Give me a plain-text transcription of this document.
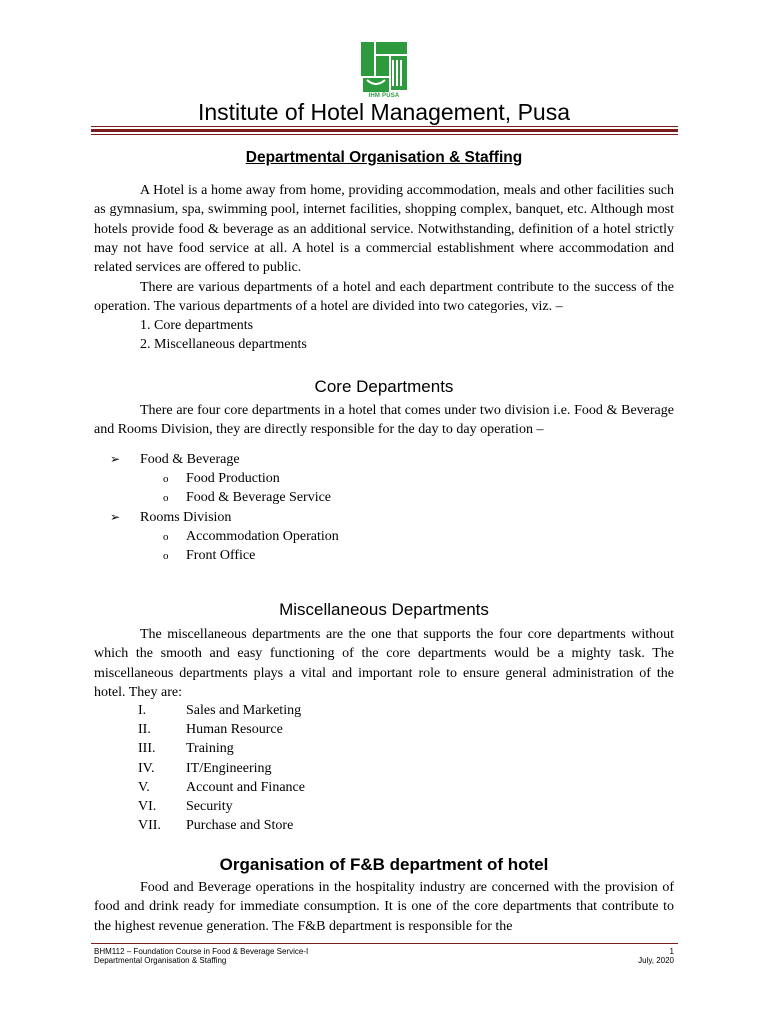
IHM PUSA
Institute of Hotel Management, Pusa
Departmental Organisation & Staffing

A Hotel is a home away from home, providing accommodation, meals and other facilities such as gymnasium, spa, swimming pool, internet facilities, shopping complex, banquet, etc. Although most hotels provide food & beverage as an additional service. Notwithstanding, definition of a hotel strictly may not have food service at all. A hotel is a commercial establishment where accommodation and related services are offered to public.

There are various departments of a hotel and each department contribute to the success of the operation. The various departments of a hotel are divided into two categories, viz. –

1. Core departments
2. Miscellaneous departments
Core Departments

There are four core departments in a hotel that comes under two division i.e. Food & Beverage and Rooms Division, they are directly responsible for the day to day operation –

➢ Food & Beverage
o Food Production
o Food & Beverage Service
➢ Rooms Division
o Accommodation Operation
o Front Office
Miscellaneous Departments

The miscellaneous departments are the one that supports the four core departments without which the smooth and easy functioning of the core departments would be a mighty task. The miscellaneous departments plays a vital and important role to ensure general administration of the hotel. They are:

I.	Sales and Marketing
II.	Human Resource
III. Training
IV. IT/Engineering
V.	Account and Finance
VI. Security
VII. Purchase and Store
Organisation of F&B department of hotel

Food and Beverage operations in the hospitality industry are concerned with the provision of food and drink ready for immediate consumption. It is one of the core departments that contribute to the highest revenue generation. The F&B department is responsible for the

BHM112 – Foundation Course in Food & Beverage Service-I
Departmental Organisation & Staffing
1
July, 2020
